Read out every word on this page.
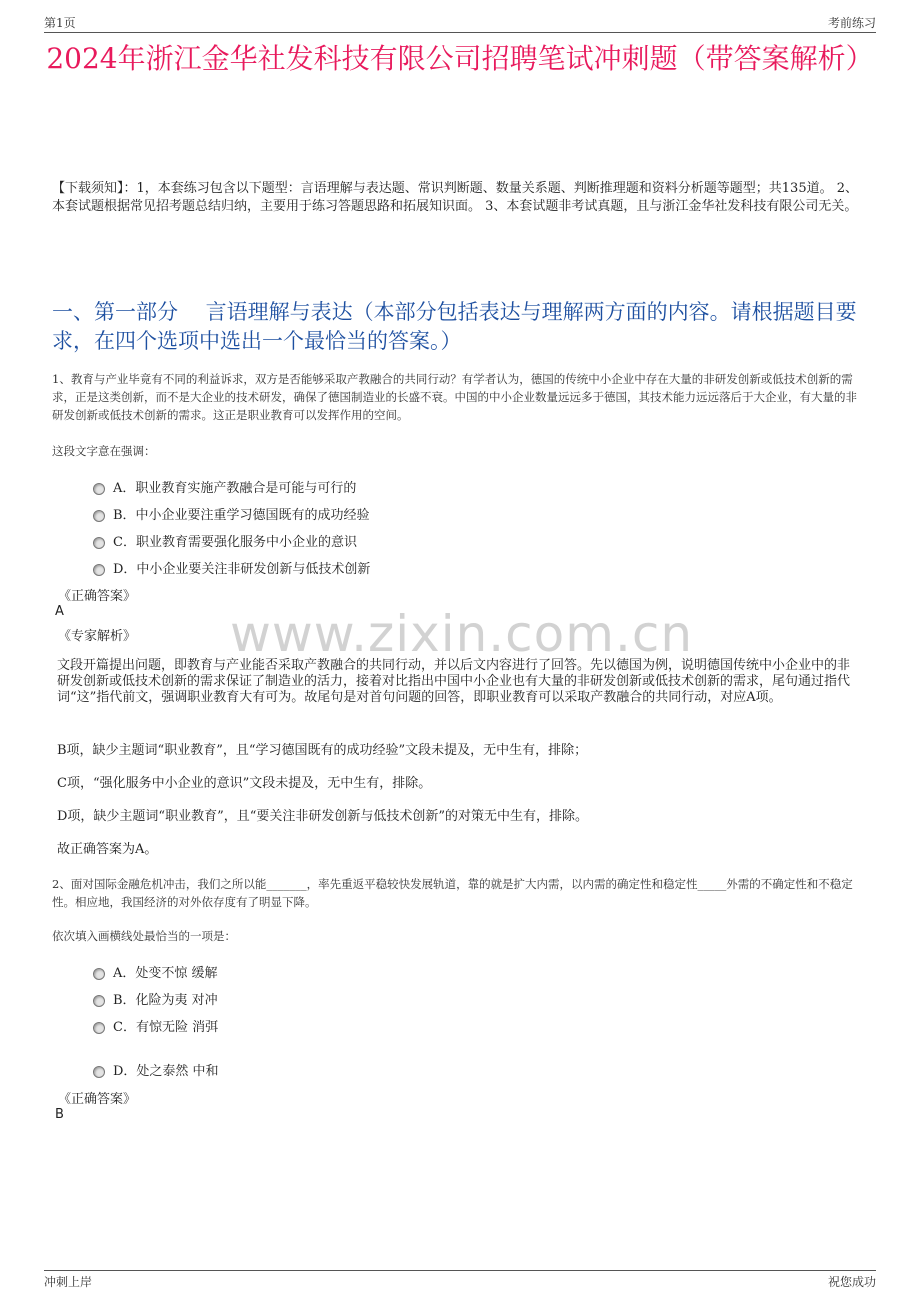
第1页	考前练习
2024年浙江金华社发科技有限公司招聘笔试冲刺题（带答案解析）
【下载须知】：1，本套练习包含以下题型：言语理解与表达题、常识判断题、数量关系题、判断推理题和资料分析题等题型；共135道。 2、本套试题根据常见招考题总结归纳，主要用于练习答题思路和拓展知识面。 3、本套试题非考试真题，且与浙江金华社发科技有限公司无关。
一、第一部分　 言语理解与表达（本部分包括表达与理解两方面的内容。请根据题目要求，在四个选项中选出一个最恰当的答案。）
1、教育与产业毕竟有不同的利益诉求，双方是否能够采取产教融合的共同行动？有学者认为，德国的传统中小企业中存在大量的非研发创新或低技术创新的需求，正是这类创新，而不是大企业的技术研发，确保了德国制造业的长盛不衰。中国的中小企业数量远远多于德国，其技术能力远远落后于大企业，有大量的非研发创新或低技术创新的需求。这正是职业教育可以发挥作用的空间。
这段文字意在强调：
A．职业教育实施产教融合是可能与可行的
B．中小企业要注重学习德国既有的成功经验
C．职业教育需要强化服务中小企业的意识
D．中小企业要关注非研发创新与低技术创新
《正确答案》
A
《专家解析》 www.zixin.com.cn
文段开篇提出问题，即教育与产业能否采取产教融合的共同行动，并以后文内容进行了回答。先以德国为例，说明德国传统中小企业中的非研发创新或低技术创新的需求保证了制造业的活力，接着对比指出中国中小企业也有大量的非研发创新或低技术创新的需求，尾句通过指代词“这”指代前文，强调职业教育大有可为。故尾句是对首句问题的回答，即职业教育可以采取产教融合的共同行动，对应A项。
B项，缺少主题词“职业教育”，且“学习德国既有的成功经验”文段未提及，无中生有，排除；
C项，“强化服务中小企业的意识”文段未提及，无中生有，排除。
D项，缺少主题词“职业教育”，且“要关注非研发创新与低技术创新”的对策无中生有，排除。
故正确答案为A。
2、面对国际金融危机冲击，我们之所以能_______，率先重返平稳较快发展轨道，靠的就是扩大内需，以内需的确定性和稳定性_____外需的不确定性和不稳定性。相应地，我国经济的对外依存度有了明显下降。
依次填入画横线处最恰当的一项是：
A．处变不惊 缓解
B．化险为夷 对冲
C．有惊无险 消弭
D．处之泰然 中和
《正确答案》
B
冲刺上岸	祝您成功
